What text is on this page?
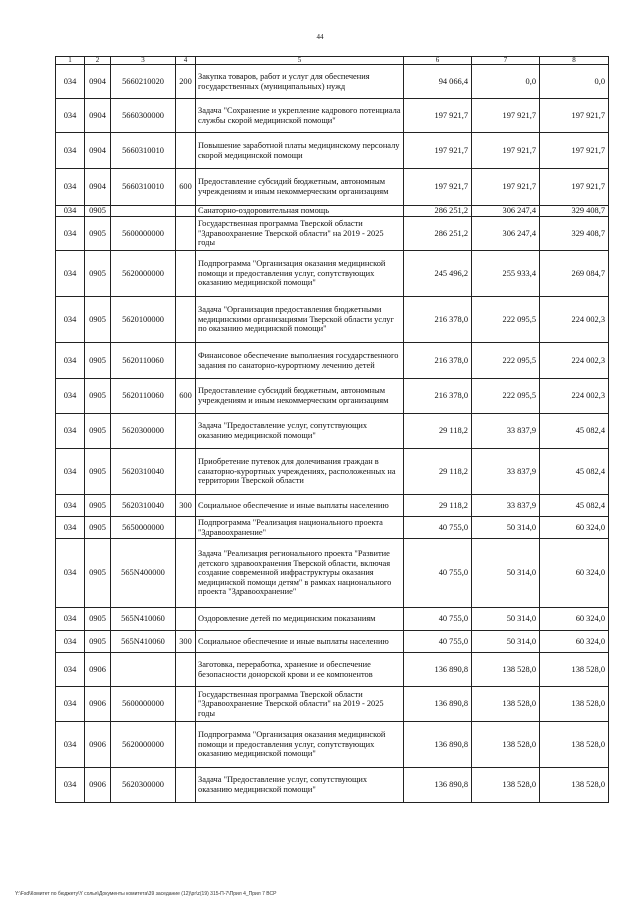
44
1	2	3	4	5	6	7	8
034	0904	5660210020	200	Закупка товаров, работ и услуг для обеспечения государственных (муниципальных) нужд	94 066,4	0,0	0,0
034	0904	5660300000		Задача "Сохранение и укрепление кадрового потенциала службы скорой медицинской помощи"	197 921,7	197 921,7	197 921,7
034	0904	5660310010		Повышение заработной платы медицинскому персоналу скорой медицинской помощи	197 921,7	197 921,7	197 921,7
034	0904	5660310010	600	Предоставление субсидий бюджетным, автономным учреждениям и иным некоммерческим организациям	197 921,7	197 921,7	197 921,7
034	0905			Санаторно-оздоровительная помощь	286 251,2	306 247,4	329 408,7
034	0905	5600000000		Государственная программа Тверской области "Здравоохранение Тверской области" на 2019 - 2025 годы	286 251,2	306 247,4	329 408,7
034	0905	5620000000		Подпрограмма "Организация оказания медицинской помощи и предоставления услуг, сопутствующих оказанию медицинской помощи"	245 496,2	255 933,4	269 084,7
034	0905	5620100000		Задача "Организация предоставления бюджетными медицинскими организациями Тверской области услуг по оказанию медицинской помощи"	216 378,0	222 095,5	224 002,3
034	0905	5620110060		Финансовое обеспечение выполнения государственного задания по санаторно-курортному лечению детей	216 378,0	222 095,5	224 002,3
034	0905	5620110060	600	Предоставление субсидий бюджетным, автономным учреждениям и иным некоммерческим организациям	216 378,0	222 095,5	224 002,3
034	0905	5620300000		Задача "Предоставление услуг, сопутствующих оказанию медицинской помощи"	29 118,2	33 837,9	45 082,4
034	0905	5620310040		Приобретение путевок для долечивания граждан в санаторно-курортных учреждениях, расположенных на территории Тверской области	29 118,2	33 837,9	45 082,4
034	0905	5620310040	300	Социальное обеспечение и иные выплаты населению	29 118,2	33 837,9	45 082,4
034	0905	5650000000		Подпрограмма "Реализация национального проекта "Здравоохранение"	40 755,0	50 314,0	60 324,0
034	0905	565N400000		Задача "Реализация регионального проекта "Развитие детского здравоохранения Тверской области, включая создание современной инфраструктуры оказания медицинской помощи детям" в рамках национального проекта "Здравоохранение"	40 755,0	50 314,0	60 324,0
034	0905	565N410060		Оздоровление детей по медицинским показаниям	40 755,0	50 314,0	60 324,0
034	0905	565N410060	300	Социальное обеспечение и иные выплаты населению	40 755,0	50 314,0	60 324,0
034	0906			Заготовка, переработка, хранение и обеспечение безопасности донорской крови и ее компонентов	136 890,8	138 528,0	138 528,0
034	0906	5600000000		Государственная программа Тверской области "Здравоохранение Тверской области" на 2019 - 2025 годы	136 890,8	138 528,0	138 528,0
034	0906	5620000000		Подпрограмма "Организация оказания медицинской помощи и предоставления услуг, сопутствующих оказанию медицинской помощи"	136 890,8	138 528,0	138 528,0
034	0906	5620300000		Задача "Предоставление услуг, сопутствующих оказанию медицинской помощи"	136 890,8	138 528,0	138 528,0
Y:\Fsd\Комитет по бюджету\Y солья\Документы комитета\39 заседание (12)\pr\z(19) 315-П-7\Прил 4_Прил 7 ВСР
